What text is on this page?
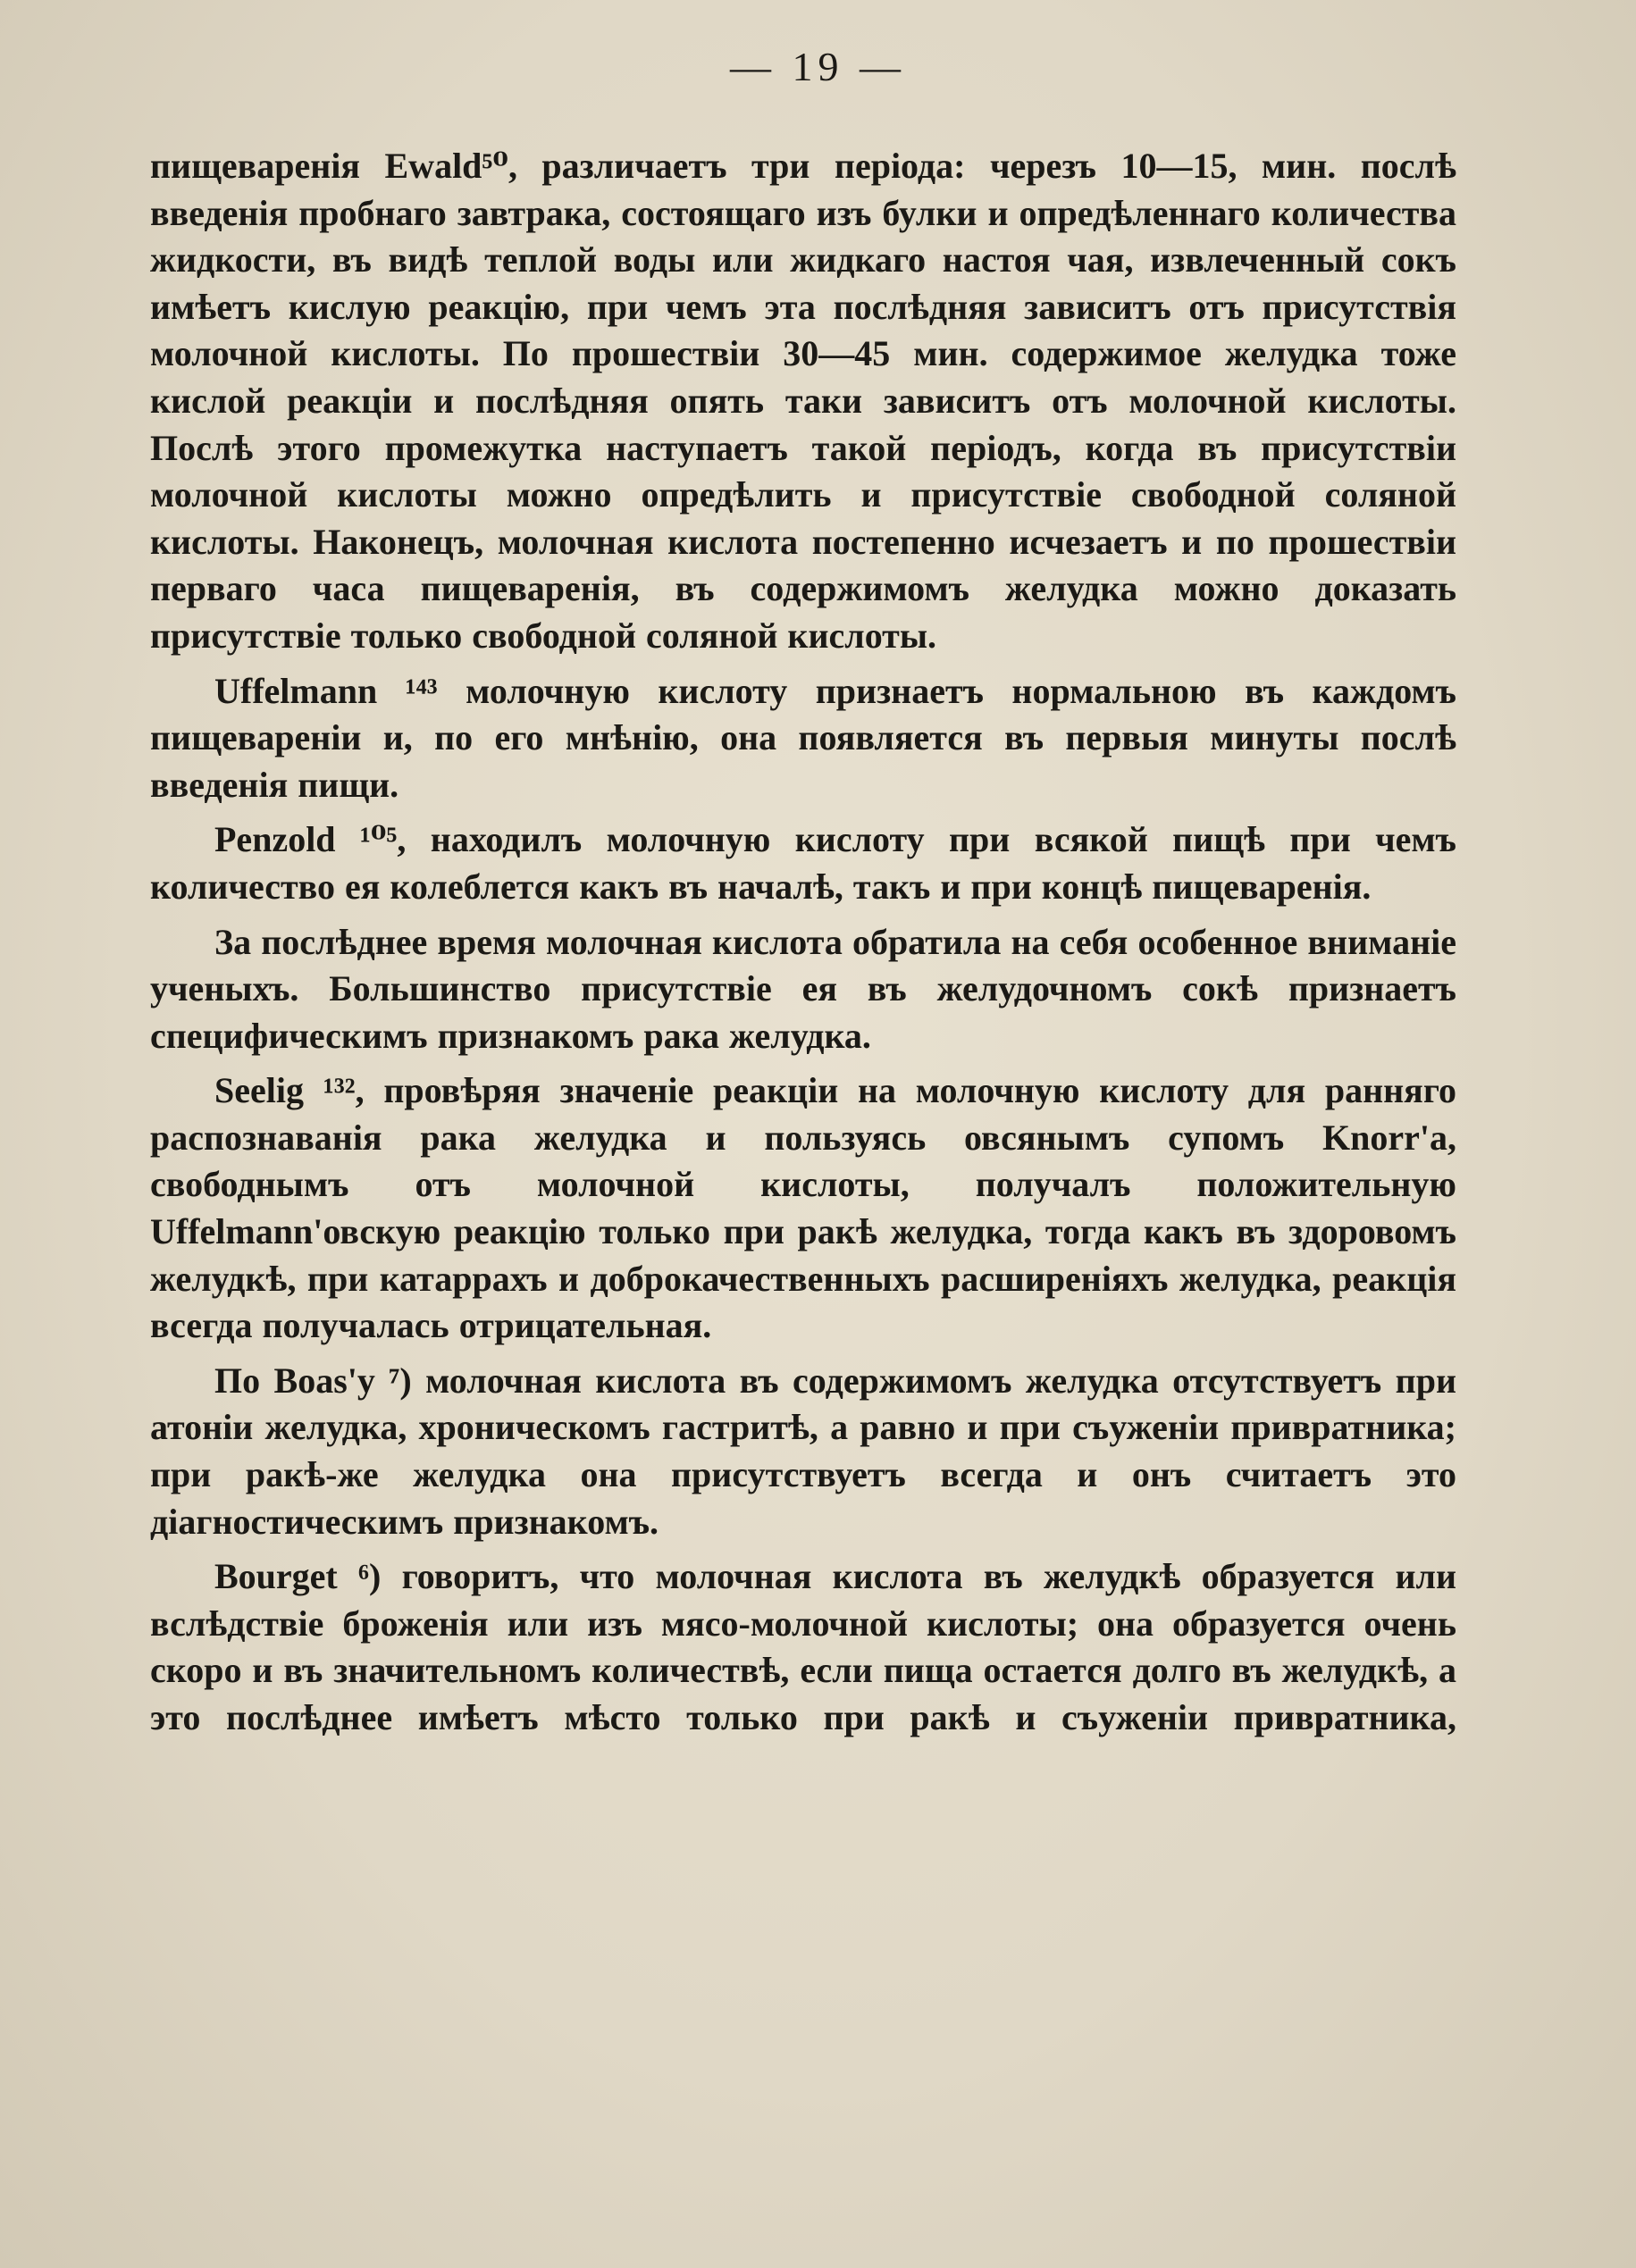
— 19 —

пищеваренія Ewald⁵⁰, различаетъ три періода: черезъ 10—15, мин. послѣ введенія пробнаго завтрака, состоящаго изъ булки и опредѣленнаго количества жидкости, въ видѣ теплой воды или жидкаго настоя чая, извлеченный сокъ имѣетъ кислую реакцію, при чемъ эта послѣдняя зависитъ отъ присутствія молочной кислоты. По прошествіи 30—45 мин. содержимое желудка тоже кислой реакціи и послѣдняя опять таки зависитъ отъ молочной кислоты. Послѣ этого промежутка наступаетъ такой періодъ, когда въ присутствіи молочной кислоты можно опредѣлить и присутствіе свободной соляной кислоты. Наконецъ, молочная кислота постепенно исчезаетъ и по прошествіи перваго часа пищеваренія, въ содержимомъ желудка можно доказать присутствіе только свободной соляной кислоты.

Uffelmann ¹⁴³ молочную кислоту признаетъ нормальною въ каждомъ пищевареніи и, по его мнѣнію, она появляется въ первыя минуты послѣ введенія пищи.

Penzold ¹⁰⁵, находилъ молочную кислоту при всякой пищѣ при чемъ количество ея колеблется какъ въ началѣ, такъ и при концѣ пищеваренія.

За послѣднее время молочная кислота обратила на себя особенное вниманіе ученыхъ. Большинство присутствіе ея въ желудочномъ сокѣ признаетъ специфическимъ признакомъ рака желудка.

Seelig ¹³², провѣряя значеніе реакціи на молочную кислоту для ранняго распознаванія рака желудка и пользуясь овсянымъ супомъ Knorr'a, свободнымъ отъ молочной кислоты, получалъ положительную Uffelmann'овскую реакцію только при ракѣ желудка, тогда какъ въ здоровомъ желудкѣ, при катаррахъ и доброкачественныхъ расширеніяхъ желудка, реакція всегда получалась отрицательная.

По Boas'y ⁷) молочная кислота въ содержимомъ желудка отсутствуетъ при атоніи желудка, хроническомъ гастритѣ, а равно и при съуженіи привратника; при ракѣ-же желудка она присутствуетъ всегда и онъ считаетъ это діагностическимъ признакомъ.

Bourget ⁶) говоритъ, что молочная кислота въ желудкѣ образуется или вслѣдствіе броженія или изъ мясо-молочной кислоты; она образуется очень скоро и въ значительномъ количествѣ, если пища остается долго въ желудкѣ, а это послѣднее имѣетъ мѣсто только при ракѣ и съуженіи привратника,
